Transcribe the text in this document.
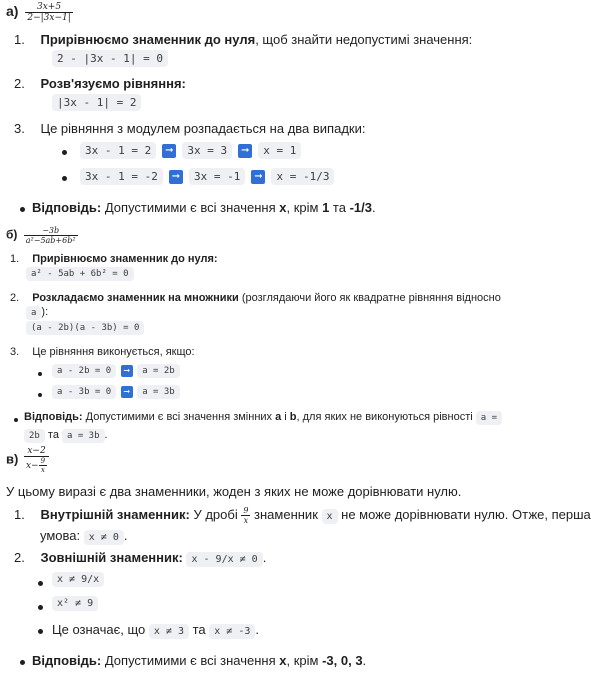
$а) \frac{3x+5}{2-|3x-1|}$
1. Прирівнюємо знаменник до нуля, щоб знайти недопустимі значення:
2 - |3x - 1| = 0
2. Розв'язуємо рівняння:
|3x - 1| = 2
3. Це рівняння з модулем розпадається на два випадки:
3x - 1 = 2 ➞ 3x = 3 ➞ x = 1
3x - 1 = -2 ➞ 3x = -1 ➞ x = -1/3
Відповідь: Допустимими є всі значення x, крім 1 та -1/3.
$б) \frac{-3b}{\text{a²−5ab+6b²}}$
1. Прирівнюємо знаменник до нуля:
a² - 5ab + 6b² = 0
2. Розкладаємо знаменник на множники (розглядаючи його як квадратне рівняння відносно
a ):
(a - 2b)(a - 3b) = 0
3. Це рівняння виконується, якщо:
a - 2b = 0 ➞ a = 2b
a - 3b = 0 ➞ a = 3b
Відповідь: Допустимими є всі значення змінних a і b, для яких не виконуються рівності a =
2b та a = 3b .
$в) \frac{x-2}{x- \frac{9}{x}}$
У цьому виразі є два знаменники, жоден з яких не може дорівнювати нулю.
1. Внутрішній знаменник: У дробі $\frac{9}{x}$ знаменник x не може дорівнювати нулю. Отже, перша
умова: x ≠ 0 .
2. Зовнішній знаменник: x - 9/x ≠ 0 .
x ≠ 9/x
x² ≠ 9
Це означає, що x ≠ 3 та x ≠ -3 .
Відповідь: Допустимими є всі значення x, крім -3, 0, 3.
